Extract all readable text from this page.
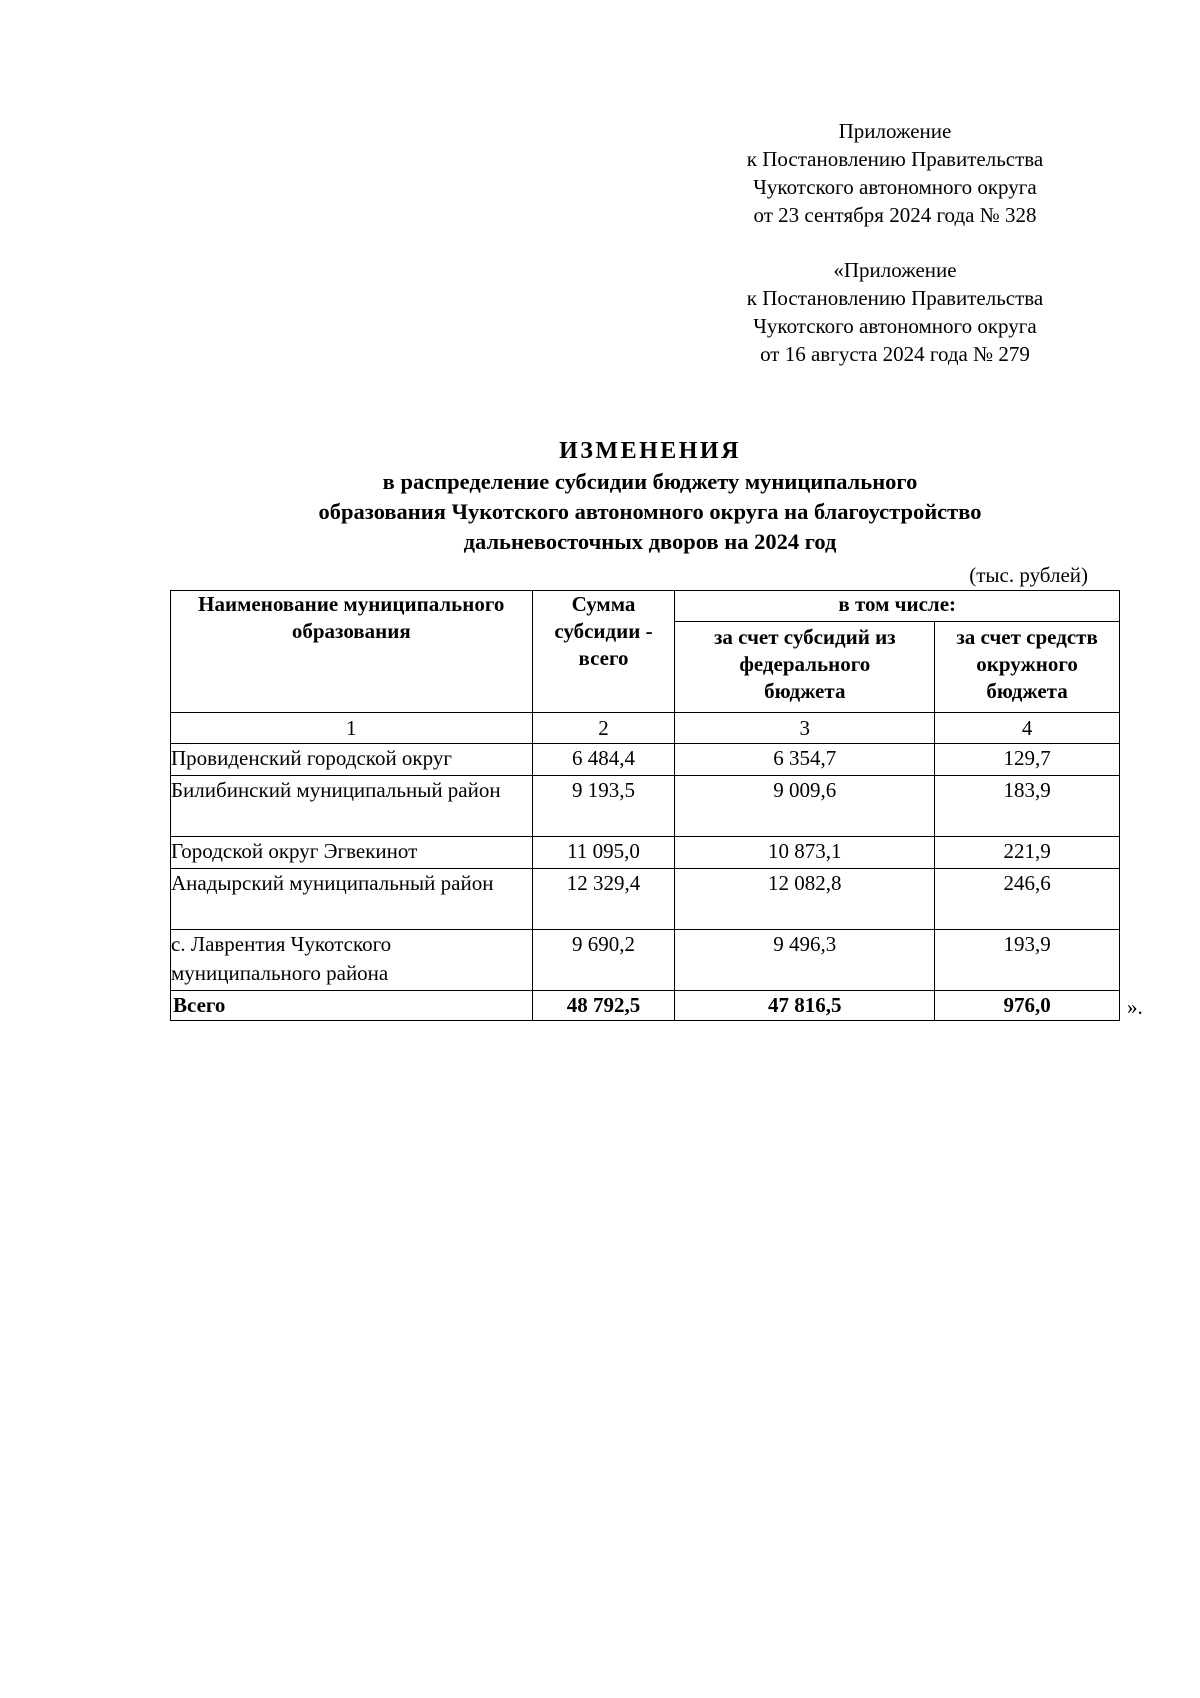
Приложение
к Постановлению Правительства
Чукотского автономного округа
от 23 сентября 2024 года № 328
«Приложение
к Постановлению Правительства
Чукотского автономного округа
от 16 августа 2024 года № 279
ИЗМЕНЕНИЯ
в распределение субсидии бюджету муниципального
образования Чукотского автономного округа на благоустройство
дальневосточных дворов на 2024 год
(тыс. рублей)
Наименование муниципального образования	Сумма субсидии - всего	в том числе:	
		за счет субсидий из федерального бюджета	за счет средств окружного бюджета
1	2	3	4
Провиденский городской округ	6 484,4	6 354,7	129,7
Билибинский муниципальный район	9 193,5	9 009,6	183,9
Городской округ Эгвекинот	11 095,0	10 873,1	221,9
Анадырский муниципальный район	12 329,4	12 082,8	246,6
с. Лаврентия Чукотского муниципального района	9 690,2	9 496,3	193,9
Всего	48 792,5	47 816,5	976,0	».
